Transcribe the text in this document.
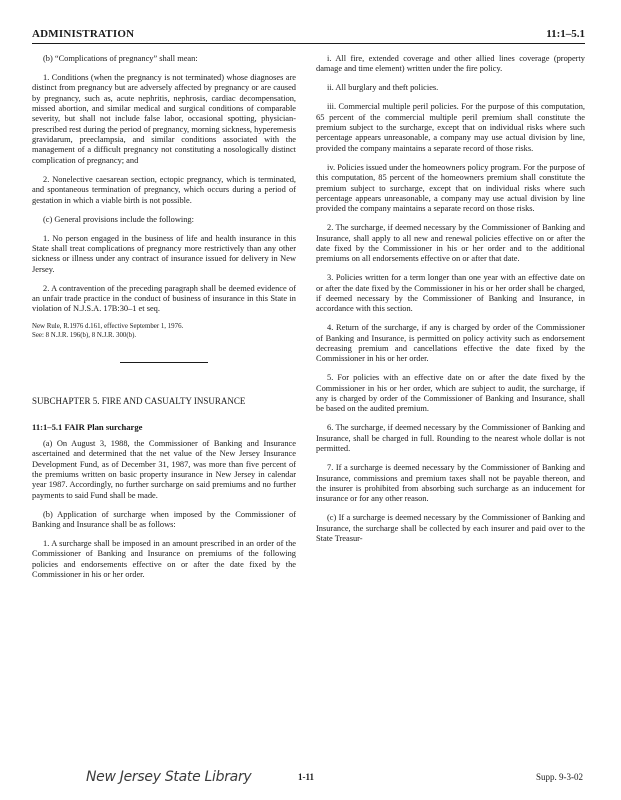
ADMINISTRATION	11:1–5.1

(b) “Complications of pregnancy” shall mean:

1. Conditions (when the pregnancy is not terminated) whose diagnoses are distinct from pregnancy but are adversely affected by pregnancy or are caused by pregnancy, such as, acute nephritis, nephrosis, cardiac decompensation, missed abortion, and similar medical and surgical conditions of comparable severity, but shall not include false labor, occasional spotting, physician-prescribed rest during the period of pregnancy, morning sickness, hyperemesis gravidarum, preeclampsia, and similar conditions associated with the management of a difficult pregnancy not constituting a nosologically distinct complication of pregnancy; and

2. Nonelective caesarean section, ectopic pregnancy, which is terminated, and spontaneous termination of pregnancy, which occurs during a period of gestation in which a viable birth is not possible.

(c) General provisions include the following:

1. No person engaged in the business of life and health insurance in this State shall treat complications of pregnancy more restrictively than any other sickness or illness under any contract of insurance issued for delivery in New Jersey.

2. A contravention of the preceding paragraph shall be deemed evidence of an unfair trade practice in the conduct of business of insurance in this State in violation of N.J.S.A. 17B:30–1 et seq.

New Rule, R.1976 d.161, effective September 1, 1976.
See: 8 N.J.R. 196(b), 8 N.J.R. 300(b).
SUBCHAPTER 5. FIRE AND CASUALTY INSURANCE
11:1–5.1 FAIR Plan surcharge

(a) On August 3, 1988, the Commissioner of Banking and Insurance ascertained and determined that the net value of the New Jersey Insurance Development Fund, as of December 31, 1987, was more than five percent of the premiums written on basic property insurance in New Jersey in calendar year 1987. Accordingly, no further surcharge on said premiums and no further payments to said Fund shall be made.

(b) Application of surcharge when imposed by the Commissioner of Banking and Insurance shall be as follows:

1. A surcharge shall be imposed in an amount prescribed in an order of the Commissioner of Banking and Insurance on premiums of the following policies and endorsements effective on or after the date fixed by the Commissioner in his or her order.

i. All fire, extended coverage and other allied lines coverage (property damage and time element) written under the fire policy.

ii. All burglary and theft policies.

iii. Commercial multiple peril policies. For the purpose of this computation, 65 percent of the commercial multiple peril premium shall constitute the premium subject to the surcharge, except that on individual risks where such percentage appears unreasonable, a company may use actual division by line, provided the company maintains a separate record of those risks.

iv. Policies issued under the homeowners policy program. For the purpose of this computation, 85 percent of the homeowners premium shall constitute the premium subject to surcharge, except that on individual risks where such percentage appears unreasonable, a company may use actual division by line provided the company maintains a separate record on those risks.

2. The surcharge, if deemed necessary by the Commissioner of Banking and Insurance, shall apply to all new and renewal policies effective on or after the date fixed by the Commissioner in his or her order and to the additional premiums on all endorsements effective on or after that date.

3. Policies written for a term longer than one year with an effective date on or after the date fixed by the Commissioner in his or her order shall be charged, if deemed necessary by the Commissioner of Banking and Insurance, in accordance with this section.

4. Return of the surcharge, if any is charged by order of the Commissioner of Banking and Insurance, is permitted on policy activity such as endorsement decreasing premium and cancellations effective the date fixed by the Commissioner in his or her order.

5. For policies with an effective date on or after the date fixed by the Commissioner in his or her order, which are subject to audit, the surcharge, if any is charged by order of the Commissioner of Banking and Insurance, shall be based on the audited premium.

6. The surcharge, if deemed necessary by the Commissioner of Banking and Insurance, shall be charged in full. Rounding to the nearest whole dollar is not permitted.

7. If a surcharge is deemed necessary by the Commissioner of Banking and Insurance, commissions and premium taxes shall not be payable thereon, and the insurer is prohibited from absorbing such surcharge as an inducement for insurance or for any other reason.

(c) If a surcharge is deemed necessary by the Commissioner of Banking and Insurance, the surcharge shall be collected by each insurer and paid over to the State Treasur-

New Jersey State Library	1-11	Supp. 9-3-02
